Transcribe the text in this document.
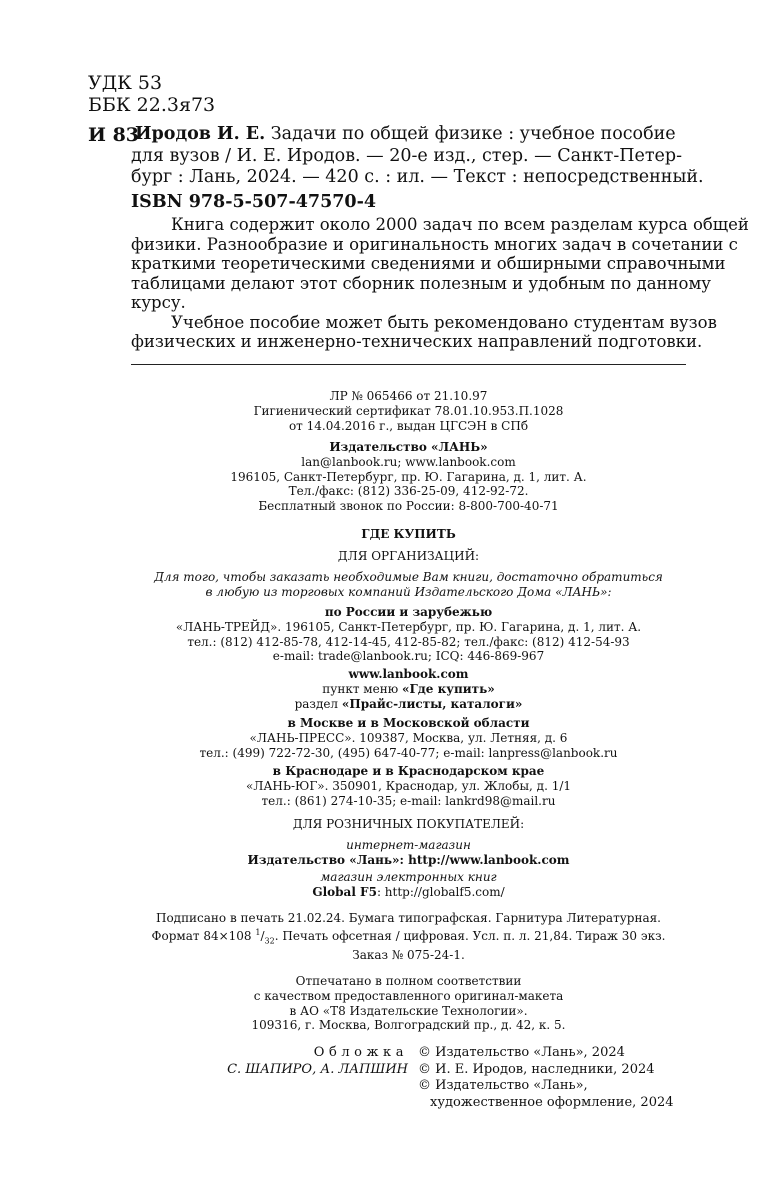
УДК 53
ББК 22.3я73
И 83
Иродов И. Е. Задачи по общей физике : учебное пособие
для вузов / И. Е. Иродов. — 20-е изд., стер. — Санкт-Петер-
бург : Лань, 2024. — 420 с. : ил. — Текст : непосредственный.
ISBN 978-5-507-47570-4
Книга содержит около 2000 задач по всем разделам курса общей
физики. Разнообразие и оригинальность многих задач в сочетании с
краткими теоретическими сведениями и обширными справочными
таблицами делают этот сборник полезным и удобным по данному
курсу.
Учебное пособие может быть рекомендовано студентам вузов
физических и инженерно-технических направлений подготовки.
ЛР № 065466 от 21.10.97
Гигиенический сертификат 78.01.10.953.П.1028
от 14.04.2016 г., выдан ЦГСЭН в СПб
Издательство «ЛАНЬ»
lan@lanbook.ru; www.lanbook.com
196105, Санкт-Петербург, пр. Ю. Гагарина, д. 1, лит. А.
Тел./факс: (812) 336-25-09, 412-92-72.
Бесплатный звонок по России: 8-800-700-40-71
ГДЕ КУПИТЬ
ДЛЯ ОРГАНИЗАЦИЙ:
Для того, чтобы заказать необходимые Вам книги, достаточно обратиться
в любую из торговых компаний Издательского Дома «ЛАНЬ»:
по России и зарубежью
«ЛАНЬ-ТРЕЙД». 196105, Санкт-Петербург, пр. Ю. Гагарина, д. 1, лит. А.
тел.: (812) 412-85-78, 412-14-45, 412-85-82; тел./факс: (812) 412-54-93
e-mail: trade@lanbook.ru; ICQ: 446-869-967
www.lanbook.com
пункт меню «Где купить»
раздел «Прайс-листы, каталоги»
в Москве и в Московской области
«ЛАНЬ-ПРЕСС». 109387, Москва, ул. Летняя, д. 6
тел.: (499) 722-72-30, (495) 647-40-77; e-mail: lanpress@lanbook.ru
в Краснодаре и в Краснодарском крае
«ЛАНЬ-ЮГ». 350901, Краснодар, ул. Жлобы, д. 1/1
тел.: (861) 274-10-35; e-mail: lankrd98@mail.ru
ДЛЯ РОЗНИЧНЫХ ПОКУПАТЕЛЕЙ:
интернет-магазин
Издательство «Лань»: http://www.lanbook.com
магазин электронных книг
Global F5: http://globalf5.com/
Подписано в печать 21.02.24. Бумага типографская. Гарнитура Литературная.
Формат 84×108 $^1/_{32}$. Печать офсетная / цифровая. Усл. п. л. 21,84. Тираж 30 экз.
Заказ № 075-24-1.
Отпечатано в полном соответствии
с качеством предоставленного оригинал-макета
в АО «Т8 Издательские Технологии».
109316, г. Москва, Волгоградский пр., д. 42, к. 5.
Обложка
С. ШАПИРО, А. ЛАПШИН
© Издательство «Лань», 2024
© И. Е. Иродов, наследники, 2024
© Издательство «Лань»,
художественное оформление, 2024
